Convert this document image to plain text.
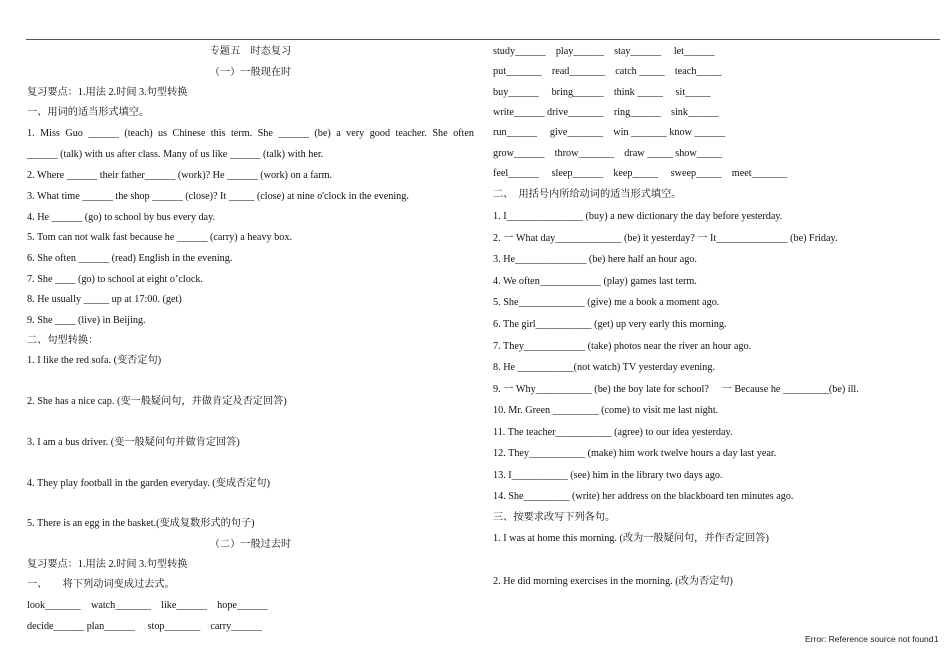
专题五    时态复习
（一）一般现在时
复习要点：1.用法 2.时间 3.句型转换
一、用词的适当形式填空。
1. Miss Guo ______ (teach) us Chinese this term. She ______ (be) a very good teacher. She often
______ (talk) with us after class. Many of us like ______ (talk) with her.
2. Where ______ their father______ (work)? He ______ (work) on a farm.
3. What time ______ the shop ______ (close)? It _____ (close) at nine o'clock in the evening.
4. He ______ (go) to school by bus every day.
5. Tom can not walk fast because he ______ (carry) a heavy box.
6. She often ______ (read) English in the evening.
7. She ____ (go) to school at eight o’clock.
8. He usually _____ up at 17:00. (get)
9. She ____ (live) in Beijing.
二、句型转换：
1. I like the red sofa. (变否定句)
2. She has a nice cap. (变一般疑问句，并做肯定及否定回答)
3. I am a bus driver. (变一般疑问句并做肯定回答)
4. They play football in the garden everyday. (变成否定句)
5. There is an egg in the basket.(变成复数形式的句子)
（二）一般过去时
复习要点：1.用法 2.时间 3.句型转换
一、      将下列动词变成过去式。
look_______    watch_______    like______    hope______
decide______ plan______     stop_______    carry______
study______    play______    stay______     let______
put_______    read_______    catch _____    teach_____
buy______     bring______    think _____     sit_____
write______ drive_______    ring______    sink______
run______     give_______    win _______ know ______
grow______    throw_______    draw _____ show_____
feel______     sleep______    keep_____     sweep_____    meet_______
二、  用括号内所给动词的适当形式填空。
1. I_______________ (buy) a new dictionary the day before yesterday.
2. 一 What day_____________ (be) it yesterday? 一 It______________ (be) Friday.
3. He______________ (be) here half an hour ago.
4. We often____________ (play) games last term.
5. She_____________ (give) me a book a moment ago.
6. The girl___________ (get) up very early this morning.
7. They____________ (take) photos near the river an hour ago.
8. He ___________(not watch) TV yesterday evening.
9. 一 Why___________ (be) the boy late for school?     一 Because he _________(be) ill.
10. Mr. Green _________ (come) to visit me last night.
11. The teacher___________ (agree) to our idea yesterday.
12. They___________ (make) him work twelve hours a day last year.
13. I___________ (see) him in the library two days ago.
14. She_________ (write) her address on the blackboard ten minutes ago.
三、按要求改写下列各句。
1. I was at home this morning. (改为一般疑问句，并作否定回答)
2. He did morning exercises in the morning. (改为否定句)
Error: Reference source not found 1
